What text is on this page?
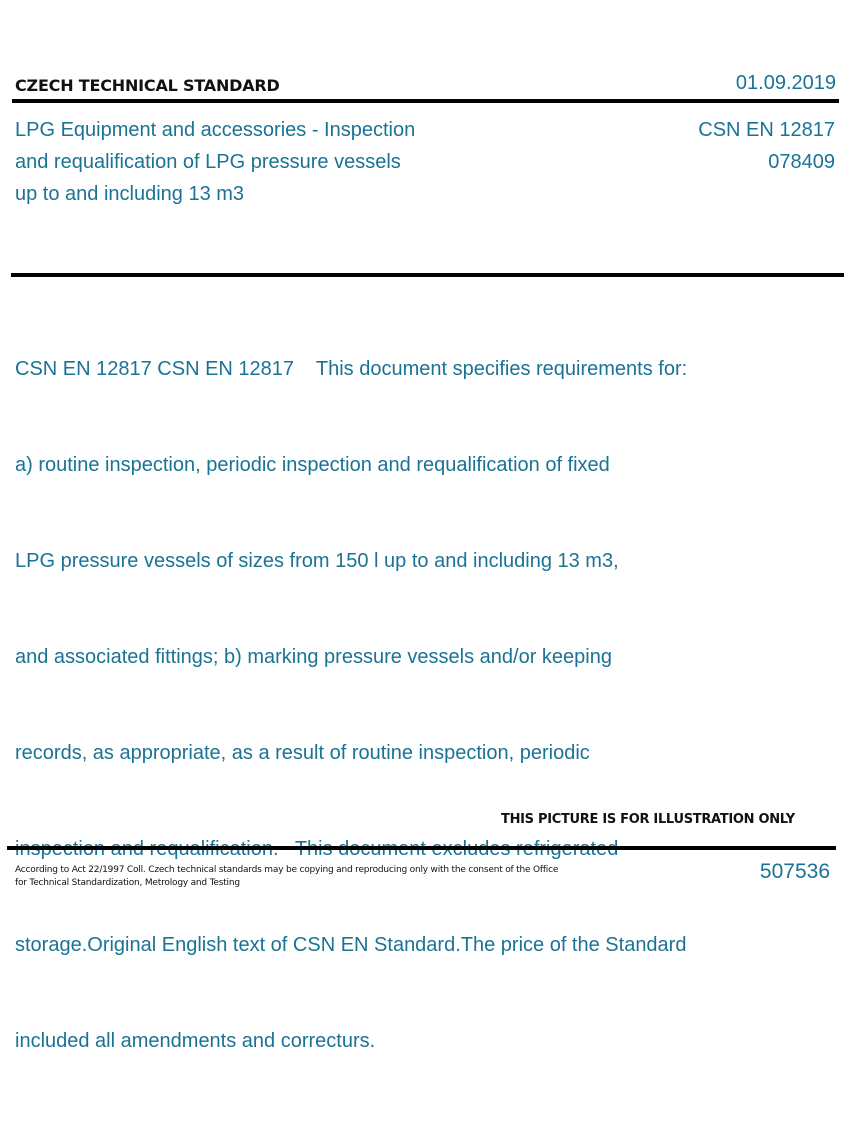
CZECH TECHNICAL STANDARD	01.09.2019
LPG Equipment and accessories - Inspection
and requalification of LPG pressure vessels
up to and including 13 m3
CSN EN 12817
078409

CSN EN 12817 CSN EN 12817    This document specifies requirements for:

a) routine inspection, periodic inspection and requalification of fixed

LPG pressure vessels of sizes from 150 l up to and including 13 m3,

and associated fittings; b) marking pressure vessels and/or keeping

records, as appropriate, as a result of routine inspection, periodic

storage.Original English text of CSN EN Standard.The price of the Standard

included all amendments and correcturs.

THIS PICTURE IS FOR ILLUSTRATION ONLY
According to Act 22/1997 Coll. Czech technical standards may be copying and reproducing only with the consent of the Office
for Technical Standardization, Metrology and Testing	507536
